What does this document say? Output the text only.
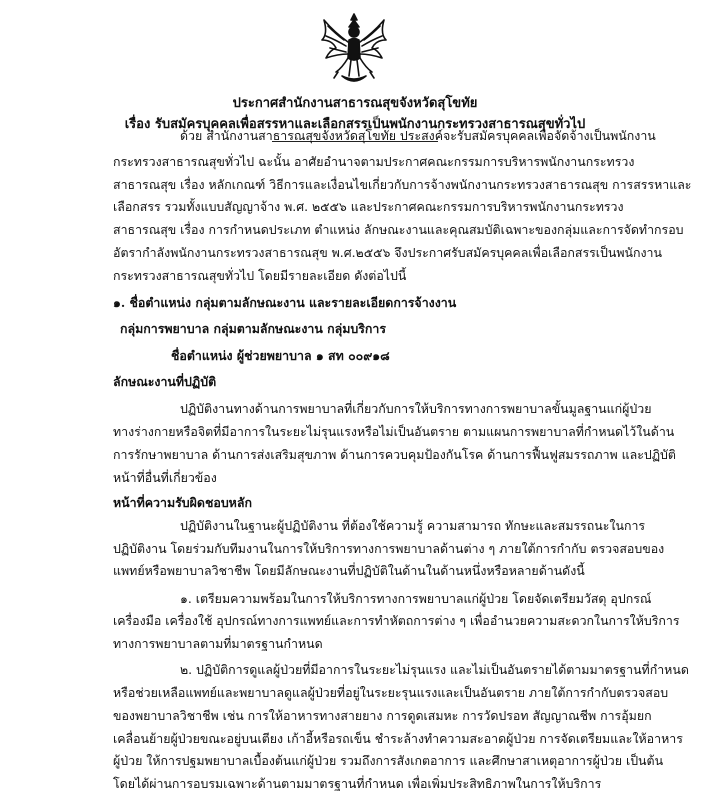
ประกาศสำนักงานสาธารณสุขจังหวัดสุโขทัย
เรื่อง รับสมัครบุคคลเพื่อสรรหาและเลือกสรรเป็นพนักงานกระทรวงสาธารณสุขทั่วไป
ด้วย สำนักงานสาธารณสุขจังหวัดสุโขทัย ประสงค์จะรับสมัครบุคคลเพื่อจัดจ้างเป็นพนักงาน
กระทรวงสาธารณสุขทั่วไป ฉะนั้น อาศัยอำนาจตามประกาศคณะกรรมการบริหารพนักงานกระทรวง
สาธารณสุข เรื่อง หลักเกณฑ์ วิธีการและเงื่อนไขเกี่ยวกับการจ้างพนักงานกระทรวงสาธารณสุข การสรรหาและ
เลือกสรร รวมทั้งแบบสัญญาจ้าง พ.ศ. ๒๕๕๖ และประกาศคณะกรรมการบริหารพนักงานกระทรวง
สาธารณสุข เรื่อง การกำหนดประเภท ตำแหน่ง ลักษณะงานและคุณสมบัติเฉพาะของกลุ่มและการจัดทำกรอบ
อัตรากำลังพนักงานกระทรวงสาธารณสุข พ.ศ.๒๕๕๖ จึงประกาศรับสมัครบุคคลเพื่อเลือกสรรเป็นพนักงาน
กระทรวงสาธารณสุขทั่วไป โดยมีรายละเอียด ดังต่อไปนี้
๑. ชื่อตำแหน่ง กลุ่มตามลักษณะงาน และรายละเอียดการจ้างงาน
กลุ่มการพยาบาล กลุ่มตามลักษณะงาน กลุ่มบริการ
ชื่อตำแหน่ง ผู้ช่วยพยาบาล ๑ สท ๐๐๙๑๘
ลักษณะงานที่ปฏิบัติ
ปฏิบัติงานทางด้านการพยาบาลที่เกี่ยวกับการให้บริการทางการพยาบาลขั้นมูลฐานแก่ผู้ป่วย
ทางร่างกายหรือจิตที่มีอาการในระยะไม่รุนแรงหรือไม่เป็นอันตราย ตามแผนการพยาบาลที่กำหนดไว้ในด้าน
การรักษาพยาบาล ด้านการส่งเสริมสุขภาพ ด้านการควบคุมป้องกันโรค ด้านการฟื้นฟูสมรรถภาพ และปฏิบัติ
หน้าที่อื่นที่เกี่ยวข้อง
หน้าที่ความรับผิดชอบหลัก
ปฏิบัติงานในฐานะผู้ปฏิบัติงาน ที่ต้องใช้ความรู้ ความสามารถ ทักษะและสมรรถนะในการ
ปฏิบัติงาน โดยร่วมกับทีมงานในการให้บริการทางการพยาบาลด้านต่าง ๆ ภายใต้การกำกับ ตรวจสอบของ
แพทย์หรือพยาบาลวิชาชีพ โดยมีลักษณะงานที่ปฏิบัติในด้านในด้านหนึ่งหรือหลายด้านดังนี้
๑. เตรียมความพร้อมในการให้บริการทางการพยาบาลแก่ผู้ป่วย โดยจัดเตรียมวัสดุ อุปกรณ์
เครื่องมือ เครื่องใช้ อุปกรณ์ทางการแพทย์และการทำหัตถการต่าง ๆ เพื่ออำนวยความสะดวกในการให้บริการ
ทางการพยาบาลตามที่มาตรฐานกำหนด
๒. ปฏิบัติการดูแลผู้ป่วยที่มีอาการในระยะไม่รุนแรง และไม่เป็นอันตรายได้ตามมาตรฐานที่กำหนด
หรือช่วยเหลือแพทย์และพยาบาลดูแลผู้ป่วยที่อยู่ในระยะรุนแรงและเป็นอันตราย ภายใต้การกำกับตรวจสอบ
ของพยาบาลวิชาชีพ เช่น การให้อาหารทางสายยาง การดูดเสมหะ การวัดปรอท สัญญาณชีพ การอุ้มยก
เคลื่อนย้ายผู้ป่วยขณะอยู่บนเตียง เก้าอี้หรือรถเข็น ชำระล้างทำความสะอาดผู้ป่วย การจัดเตรียมและให้อาหาร
ผู้ป่วย ให้การปฐมพยาบาลเบื้องต้นแก่ผู้ป่วย รวมถึงการสังเกตอาการ และศึกษาสาเหตุอาการผู้ป่วย เป็นต้น
โดยได้ผ่านการอบรมเฉพาะด้านตามมาตรฐานที่กำหนด เพื่อเพิ่มประสิทธิภาพในการให้บริการ
